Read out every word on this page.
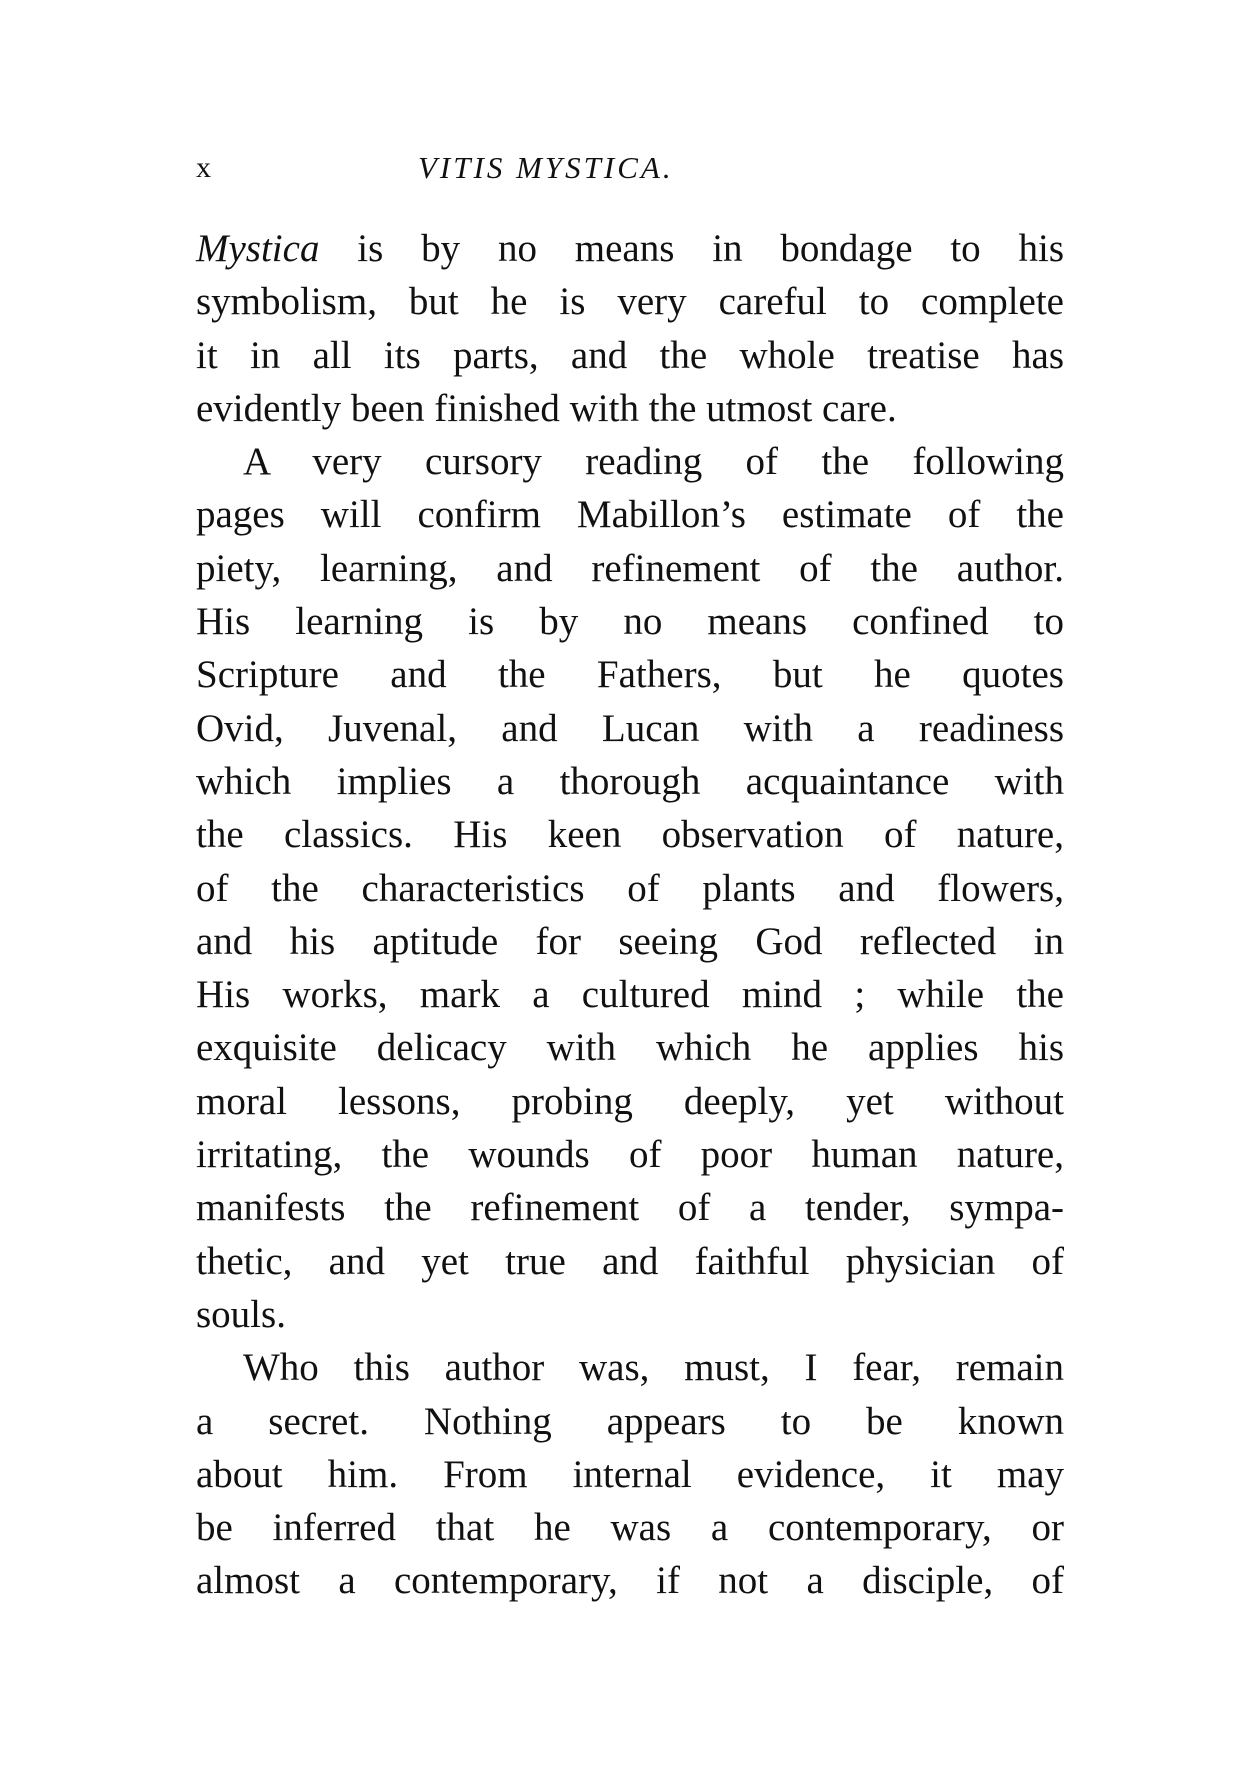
x	VITIS MYSTICA.
Mystica is by no means in bondage to his
symbolism, but he is very careful to complete
it in all its parts, and the whole treatise has
evidently been finished with the utmost care.
A very cursory reading of the following
pages will confirm Mabillon’s estimate of the
piety, learning, and refinement of the author.
His learning is by no means confined to
Scripture and the Fathers, but he quotes
Ovid, Juvenal, and Lucan with a readiness
which implies a thorough acquaintance with
the classics. His keen observation of nature,
of the characteristics of plants and flowers,
and his aptitude for seeing God reflected in
His works, mark a cultured mind ; while the
exquisite delicacy with which he applies his
moral lessons, probing deeply, yet without
irritating, the wounds of poor human nature,
manifests the refinement of a tender, sympa-
thetic, and yet true and faithful physician of
souls.
Who this author was, must, I fear, remain
a secret. Nothing appears to be known
about him. From internal evidence, it may
be inferred that he was a contemporary, or
almost a contemporary, if not a disciple, of
